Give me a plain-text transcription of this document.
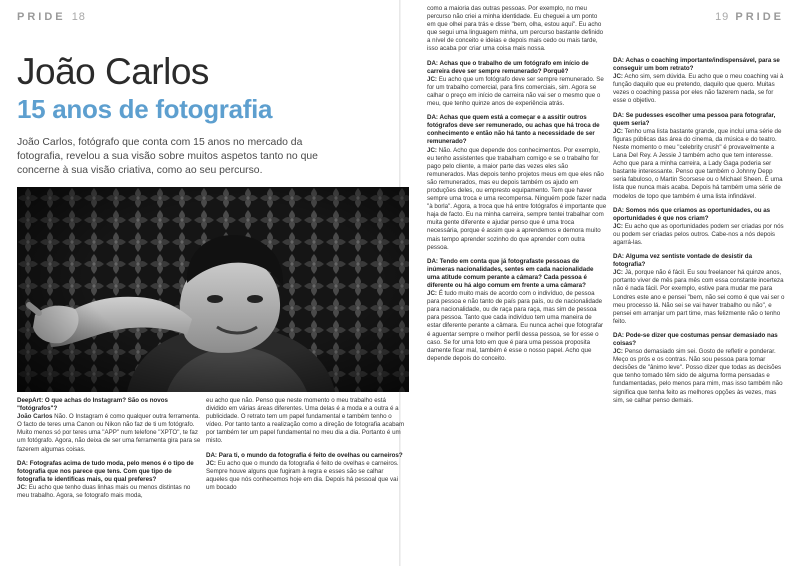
PRIDE 18	19 PRIDE
João Carlos
15 anos de fotografia

João Carlos, fotógrafo que conta com 15 anos no mercado da fotografia, revelou a sua visão sobre muitos aspetos tanto no que concerne à sua visão criativa, como ao seu percurso.

DeepArt: O que achas do Instagram? São os novos "fotógrafos"?
João Carlos Não. O Instagram é como qualquer outra ferramenta. O facto de teres uma Canon ou Nikon não faz de ti um fotógrafo. Muito menos só por teres uma "APP" num telefone "XPTO", te faz um fotógrafo. Agora, não deixa de ser uma ferramenta gira para se fazerem algumas coisas.

DA: Fotografas acima de tudo moda, pelo menos é o tipo de fotografia que nos parece que tens. Com que tipo de fotografia te identificas mais, ou qual preferes?
JC: Eu acho que tenho duas linhas mais ou menos distintas no meu trabalho. Agora, se fotografo mais moda,

eu acho que não. Penso que neste momento o meu trabalho está dividido em várias áreas diferentes. Uma delas é a moda e a outra é a publicidade. O retrato tem um papel fundamental e também tenho o vídeo. Por tanto tanto a realização como a direção de fotografia acabam por também ter um papel fundamental no meu dia a dia. Portanto é um misto.

DA: Para ti, o mundo da fotografia é feito de ovelhas ou carneiros?
JC: Eu acho que o mundo da fotografia é feito de ovelhas e carneiros. Sempre houve alguns que fugiram à regra e esses são se calhar aqueles que nós conhecemos hoje em dia. Depois há pessoal que vai um bocado

como a maioria das outras pessoas. Por exemplo, no meu percurso não criei a minha identidade. Eu cheguei a um ponto em que olhei para trás e disse "bem, olha, estou aqui". Eu acho que segui uma linguagem minha, um percurso bastante definido a nível de conceito e ideias e depois mais cedo ou mais tarde, isso acaba por criar uma coisa mais nossa.

DA: Achas que o trabalho de um fotógrafo em início de carreira deve ser sempre remunerado? Porquê?
JC: Eu acho que um fotógrafo deve ser sempre remunerado. Se for um trabalho comercial, para fins comerciais, sim. Agora se calhar o preço em início de carreira não vai ser o mesmo que o meu, que tenho quinze anos de experiência atrás.

DA: Achas que quem está a começar e a assitir outros fotógrafos deve ser remunerado, ou achas que há troca de conhecimento e então não há tanto a necessidade de ser remunerado?
JC: Não. Acho que depende dos conhecimentos. Por exemplo, eu tenho assistentes que trabalham comigo e se o trabalho for pago pelo cliente, a maior parte das vezes eles são remunerados. Mas depois tenho projetos meus em que eles não são remunerados, mas eu depois também os ajudo em produções deles, ou empresto equipamento. Tem que haver sempre uma troca e uma recompensa. Ninguém pode fazer nada "à borla". Agora, a troca que há entre fotógrafos é importante que haja de facto. Eu na minha carreira, sempre tentei trabalhar com muita gente diferente e ajudar penso que é uma troca necessária, porque é assim que a aprendemos e demora muito mais tempo aprender sozinho do que aprender com outra pessoa.

DA: Tendo em conta que já fotografaste pessoas de inúmeras nacionalidades, sentes em cada nacionalidade uma atitude comum perante a câmara? Cada pessoa é diferente ou há algo comum em frente a uma câmara?
JC: É tudo muito mais de acordo com o indivíduo, de pessoa para pessoa e não tanto de país para país, ou de nacionalidade para nacionalidade, ou de raça para raça, mas sim de pessoa para pessoa. Tanto que cada indivíduo tem uma maneira de estar diferente perante a câmara. Eu nunca achei que fotografar é aguentar sempre o melhor perfil dessa pessoa, se for esse o caso. Se for uma foto em que é para uma pessoa proposita damente ficar mal, também é esse o nosso papel. Acho que depende depois do conceito.

DA: Achas o coaching importante/indispensável, para se conseguir um bom retrato?
JC: Acho sim, sem dúvida. Eu acho que o meu coaching vai à função daquilo que eu pretendo, daquilo que quero. Muitas vezes o coaching passa por eles não fazerem nada, se for esse o objetivo.

DA: Se pudesses escolher uma pessoa para fotografar, quem seria?
JC: Tenho uma lista bastante grande, que inclui uma série de figuras públicas das área do cinema, da música e do teatro. Neste momento o meu "celebrity crush" é provavelmente a Lana Del Rey. A Jessie J também acho que tem interesse. Acho que para a minha carreira, a Lady Gaga poderia ser bastante interessante. Penso que também o Johnny Depp seria fabuloso, o Martin Scorsese ou o Michael Sheen. É uma lista que nunca mais acaba. Depois há também uma série de modelos de topo que também é uma lista infindável.

DA: Somos nós que criamos as oportunidades, ou as oportunidades é que nos criam?
JC: Eu acho que as oportunidades podem ser criadas por nós ou podem ser criadas pelos outros. Cabe-nos a nós depois agarrá-las.

DA: Alguma vez sentiste vontade de desistir da fotografia?
JC: Já, porque não é fácil. Eu sou freelancer há quinze anos, portanto viver de mês para mês com essa constante incerteza não é nada fácil. Por exemplo, estive para mudar me para Londres este ano e pensei "bem, não sei como é que vai ser o meu processo lá. Não sei se vai haver trabalho ou não", e pensei em arranjar um part time, mas felizmente não o tenho feito.

DA: Pode-se dizer que costumas pensar demasiado nas coisas?
JC: Penso demasiado sim sei. Gosto de refletir e ponderar. Meço os prós e os contras. Não sou pessoa para tomar decisões de "ânimo leve". Posso dizer que todas as decisões que tenho tomado têm sido de alguma forma pensadas e fundamentadas, pelo menos para mim, mas isso também não significa que tenha feito as melhores opções às vezes, mas sim, se calhar penso demais.
